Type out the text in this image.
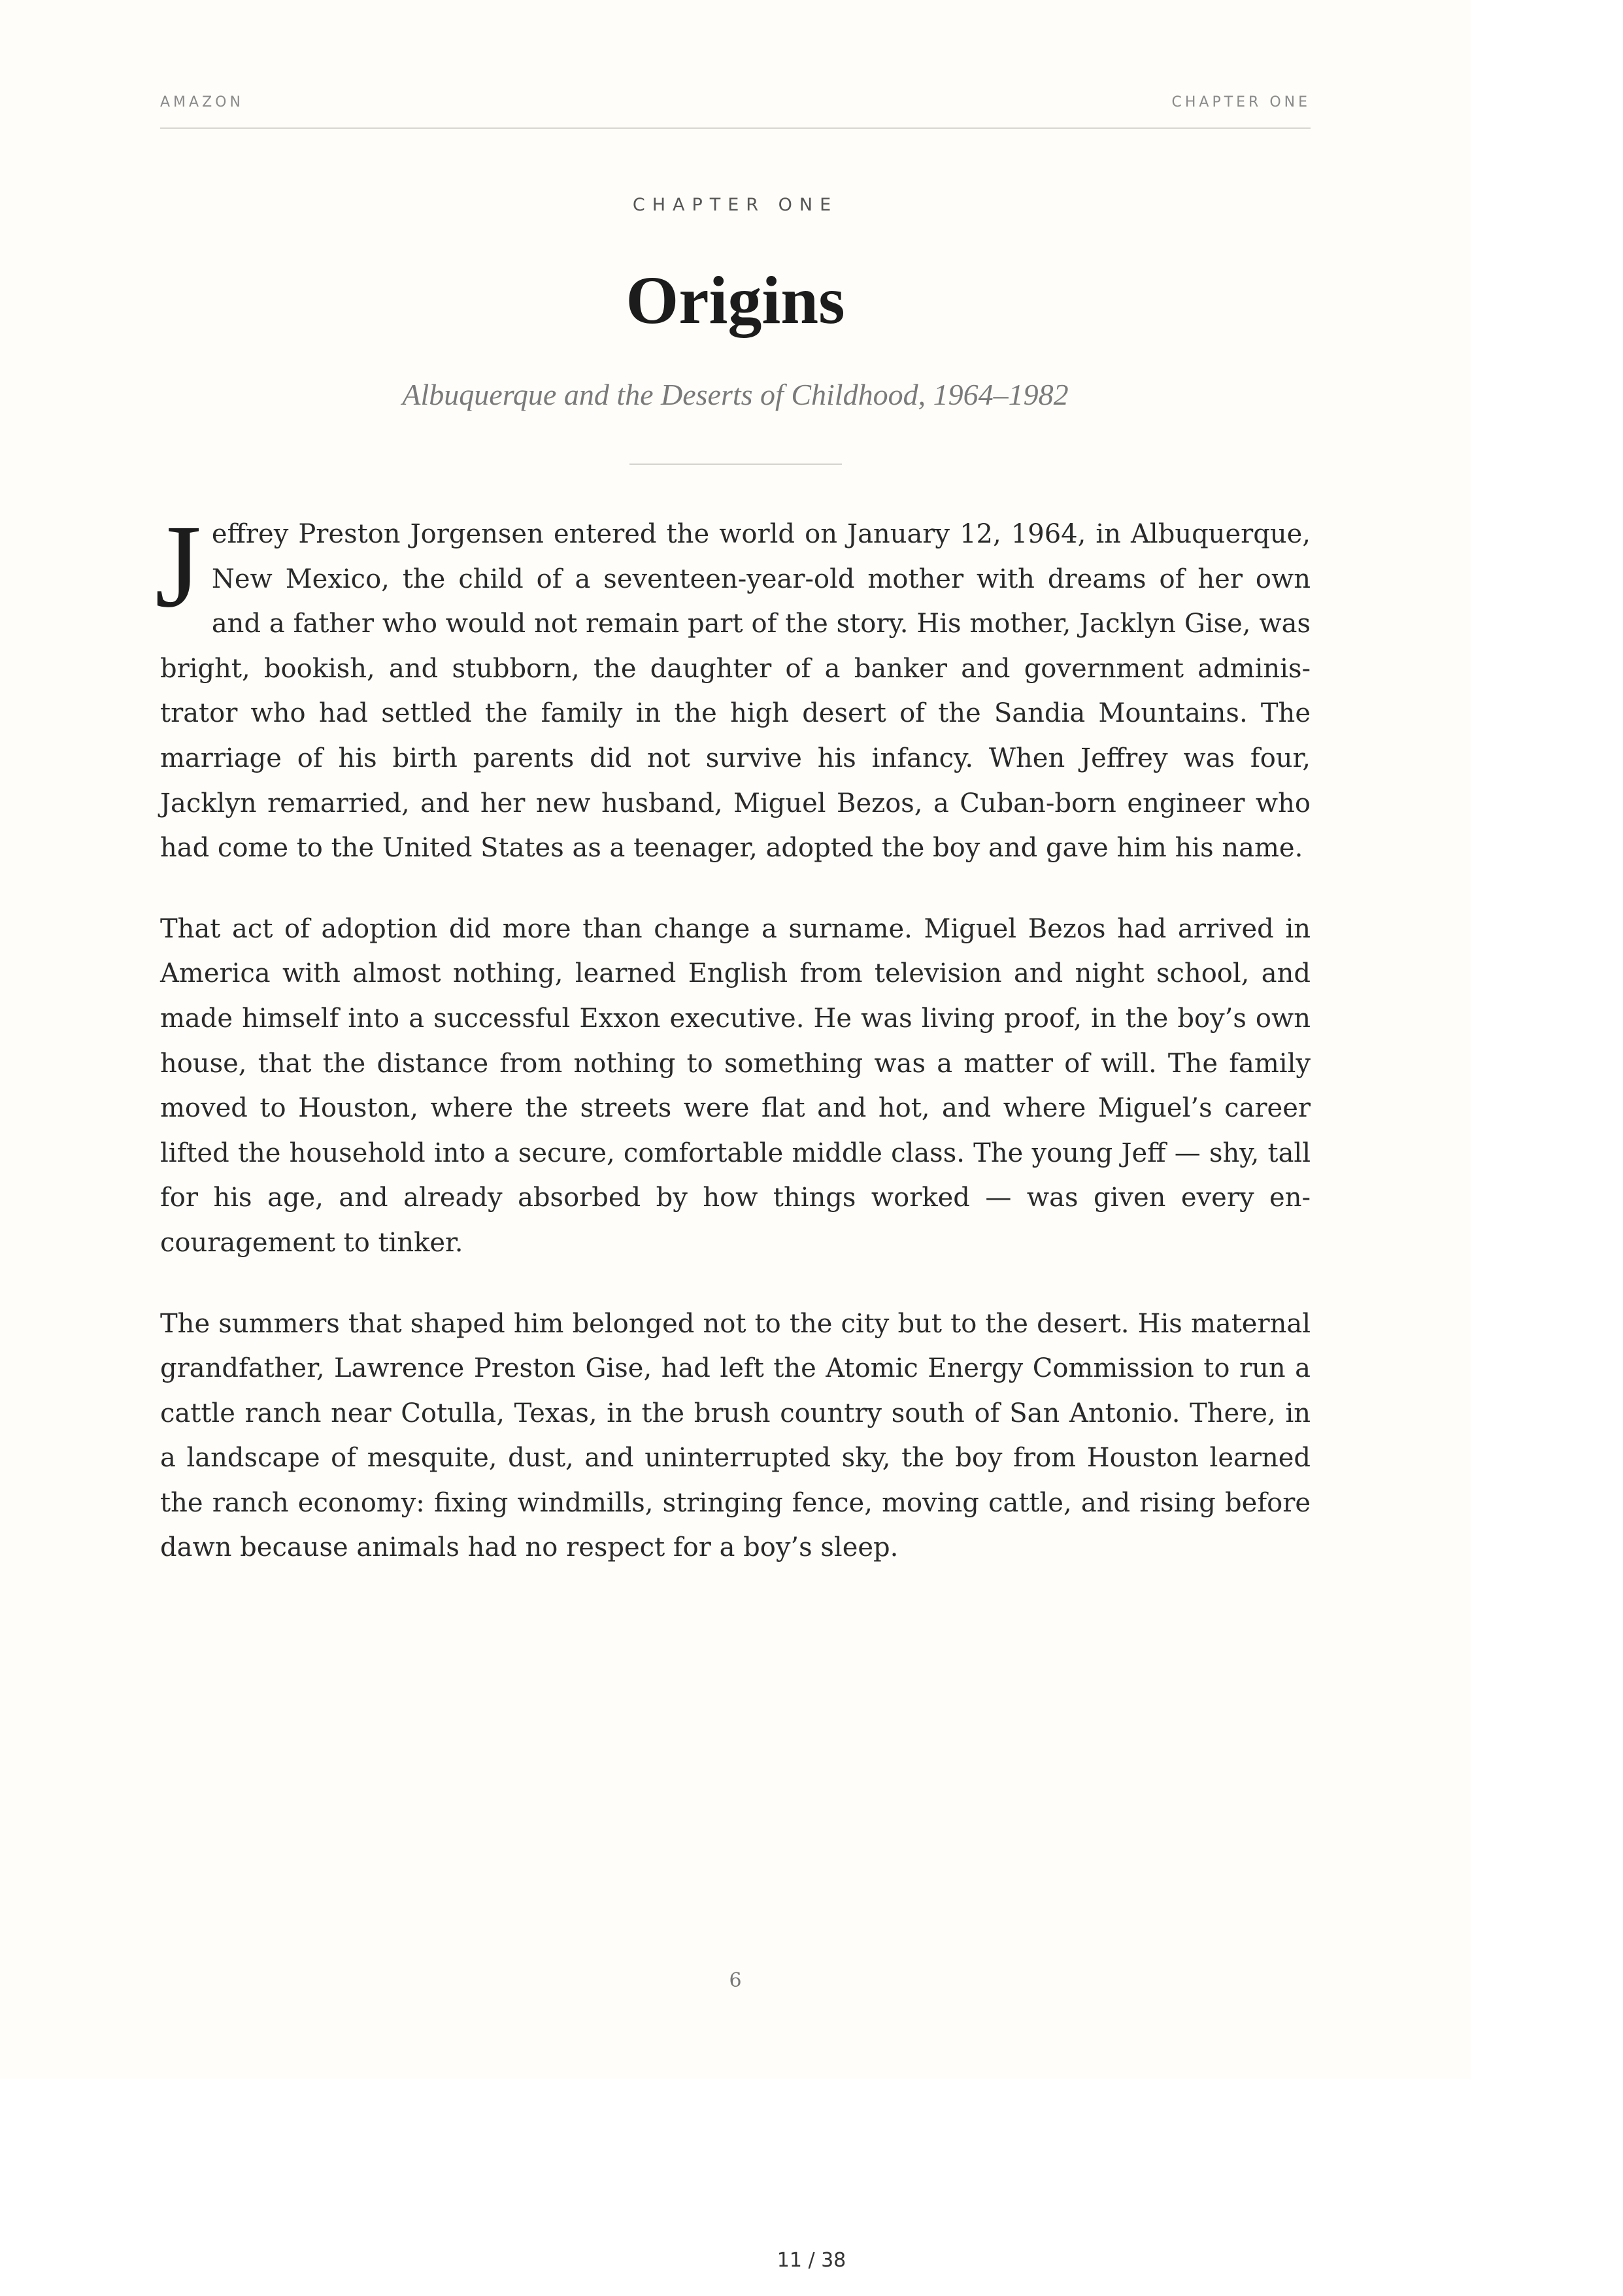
AMAZON	CHAPTER ONE
CHAPTER ONE
Origins
Albuquerque and the Deserts of Childhood, 1964–1982

Jeffrey Preston Jorgensen entered the world on January 12, 1964, in Albuquerque, New Mexico, the child of a seventeen-year-old mother with dreams of her own and a father who would not remain part of the story. His mother, Jacklyn Gise, was bright, bookish, and stubborn, the daughter of a banker and government administrator who had settled the family in the high desert of the Sandia Mountains. The marriage of his birth parents did not survive his infancy. When Jeffrey was four, Jacklyn remarried, and her new husband, Miguel Bezos, a Cuban-born engineer who had come to the United States as a teenager, adopted the boy and gave him his name.

That act of adoption did more than change a surname. Miguel Bezos had arrived in America with almost nothing, learned English from television and night school, and made himself into a successful Exxon executive. He was living proof, in the boy’s own house, that the distance from nothing to something was a matter of will. The family moved to Houston, where the streets were flat and hot, and where Miguel’s career lifted the household into a secure, comfortable middle class. The young Jeff — shy, tall for his age, and already absorbed by how things worked — was given every encouragement to tinker.

The summers that shaped him belonged not to the city but to the desert. His maternal grandfather, Lawrence Preston Gise, had left the Atomic Energy Commission to run a cattle ranch near Cotulla, Texas, in the brush country south of San Antonio. There, in a landscape of mesquite, dust, and uninterrupted sky, the boy from Houston learned the ranch economy: fixing windmills, stringing fence, moving cattle, and rising before dawn because animals had no respect for a boy’s sleep.

6
11 / 38
